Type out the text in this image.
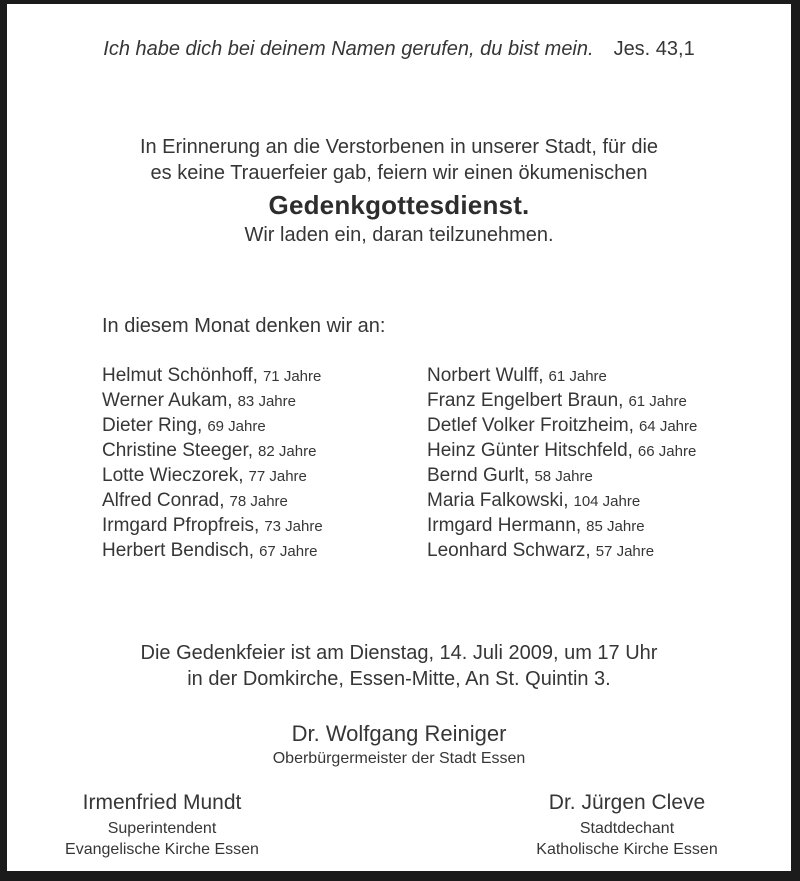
Ich habe dich bei deinem Namen gerufen, du bist mein. Jes. 43,1
In Erinnerung an die Verstorbenen in unserer Stadt, für die
es keine Trauerfeier gab, feiern wir einen ökumenischen
Gedenkgottesdienst.
Wir laden ein, daran teilzunehmen.
In diesem Monat denken wir an:
Helmut Schönhoff, 71 Jahre
Werner Aukam, 83 Jahre
Dieter Ring, 69 Jahre
Christine Steeger, 82 Jahre
Lotte Wieczorek, 77 Jahre
Alfred Conrad, 78 Jahre
Irmgard Pfropfreis, 73 Jahre
Herbert Bendisch, 67 Jahre
Norbert Wulff, 61 Jahre
Franz Engelbert Braun, 61 Jahre
Detlef Volker Froitzheim, 64 Jahre
Heinz Günter Hitschfeld, 66 Jahre
Bernd Gurlt, 58 Jahre
Maria Falkowski, 104 Jahre
Irmgard Hermann, 85 Jahre
Leonhard Schwarz, 57 Jahre
Die Gedenkfeier ist am Dienstag, 14. Juli 2009, um 17 Uhr
in der Domkirche, Essen-Mitte, An St. Quintin 3.
Dr. Wolfgang Reiniger
Oberbürgermeister der Stadt Essen
Irmenfried Mundt
Superintendent
Evangelische Kirche Essen
Dr. Jürgen Cleve
Stadtdechant
Katholische Kirche Essen
